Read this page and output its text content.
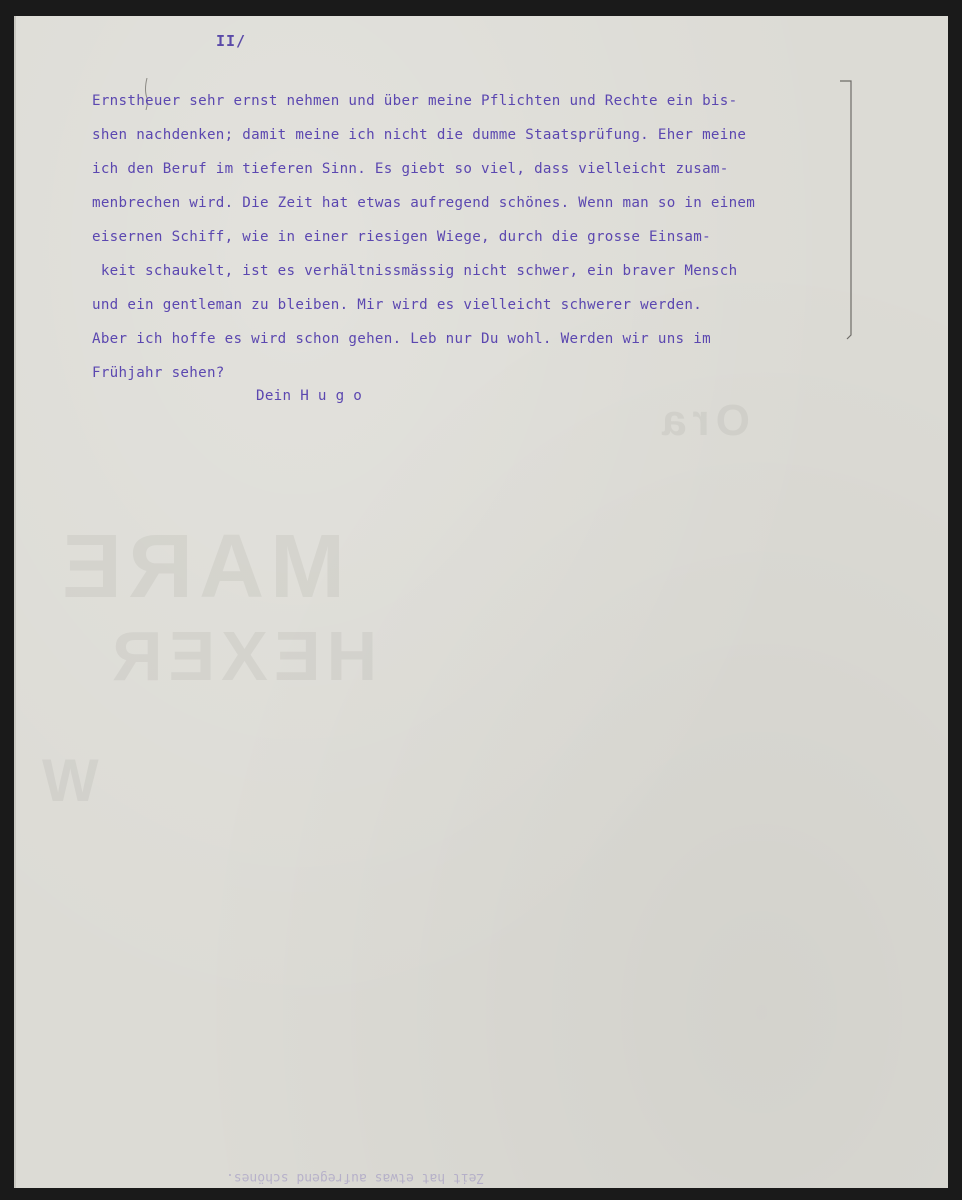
Ora
MARE
HEXER
W
II/
Ernstheuer sehr ernst nehmen und über meine Pflichten und Rechte ein bis-
shen nachdenken; damit meine ich nicht die dumme Staatsprüfung. Eher meine
ich den Beruf im tieferen Sinn. Es giebt so viel, dass vielleicht zusam-
menbrechen wird. Die Zeit hat etwas aufregend schönes. Wenn man so in einem
eisernen Schiff, wie in einer riesigen Wiege, durch die grosse Einsam-
keit schaukelt, ist es verhältnissmässig nicht schwer, ein braver Mensch
und ein gentleman zu bleiben. Mir wird es vielleicht schwerer werden.
Aber ich hoffe es wird schon gehen. Leb nur Du wohl. Werden wir uns im
Frühjahr sehen?
Dein H u g o
Zeit hat etwas aufregend schönes.
